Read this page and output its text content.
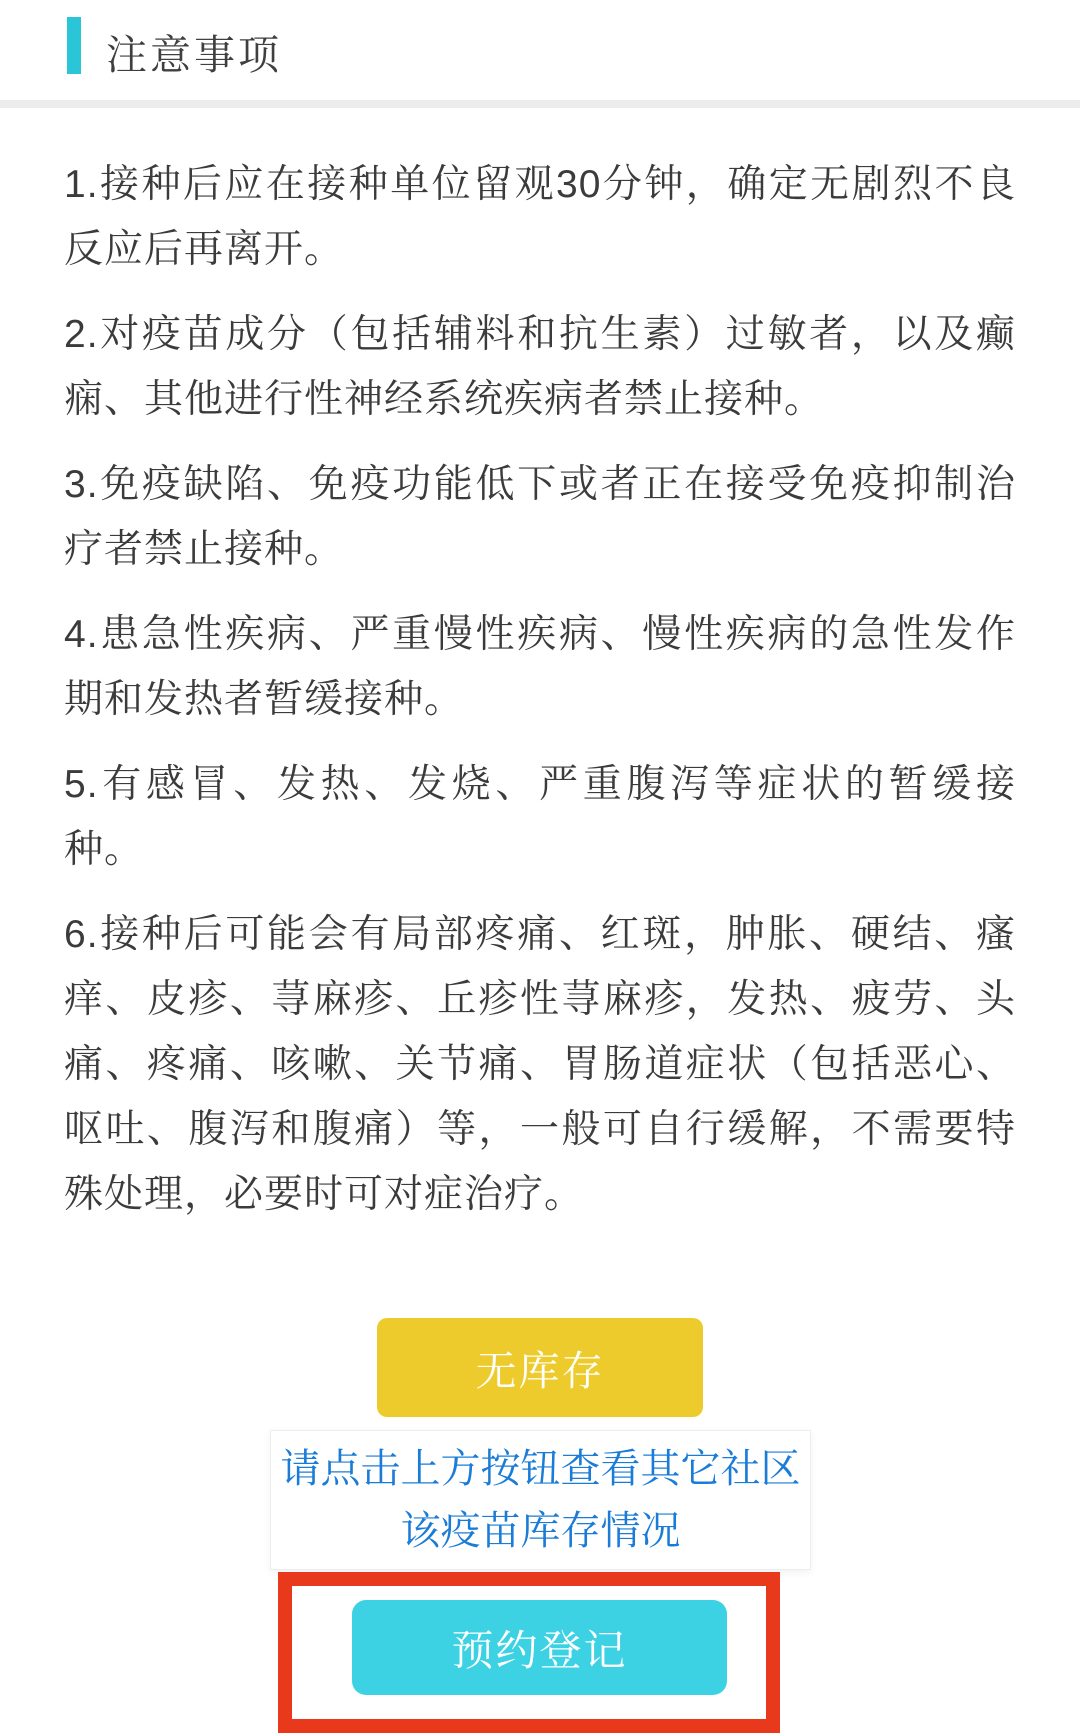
注意事项

1.接种后应在接种单位留观30分钟，确定无剧烈不良反应后再离开。

2.对疫苗成分（包括辅料和抗生素）过敏者，以及癫痫、其他进行性神经系统疾病者禁止接种。

3.免疫缺陷、免疫功能低下或者正在接受免疫抑制治疗者禁止接种。

4.患急性疾病、严重慢性疾病、慢性疾病的急性发作期和发热者暂缓接种。

5.有感冒、发热、发烧、严重腹泻等症状的暂缓接种。

6.接种后可能会有局部疼痛、红斑，肿胀、硬结、瘙痒、皮疹、荨麻疹、丘疹性荨麻疹，发热、疲劳、头痛、疼痛、咳嗽、关节痛、胃肠道症状（包括恶心、呕吐、腹泻和腹痛）等，一般可自行缓解，不需要特殊处理，必要时可对症治疗。

无库存
请点击上方按钮查看其它社区
该疫苗库存情况
预约登记
